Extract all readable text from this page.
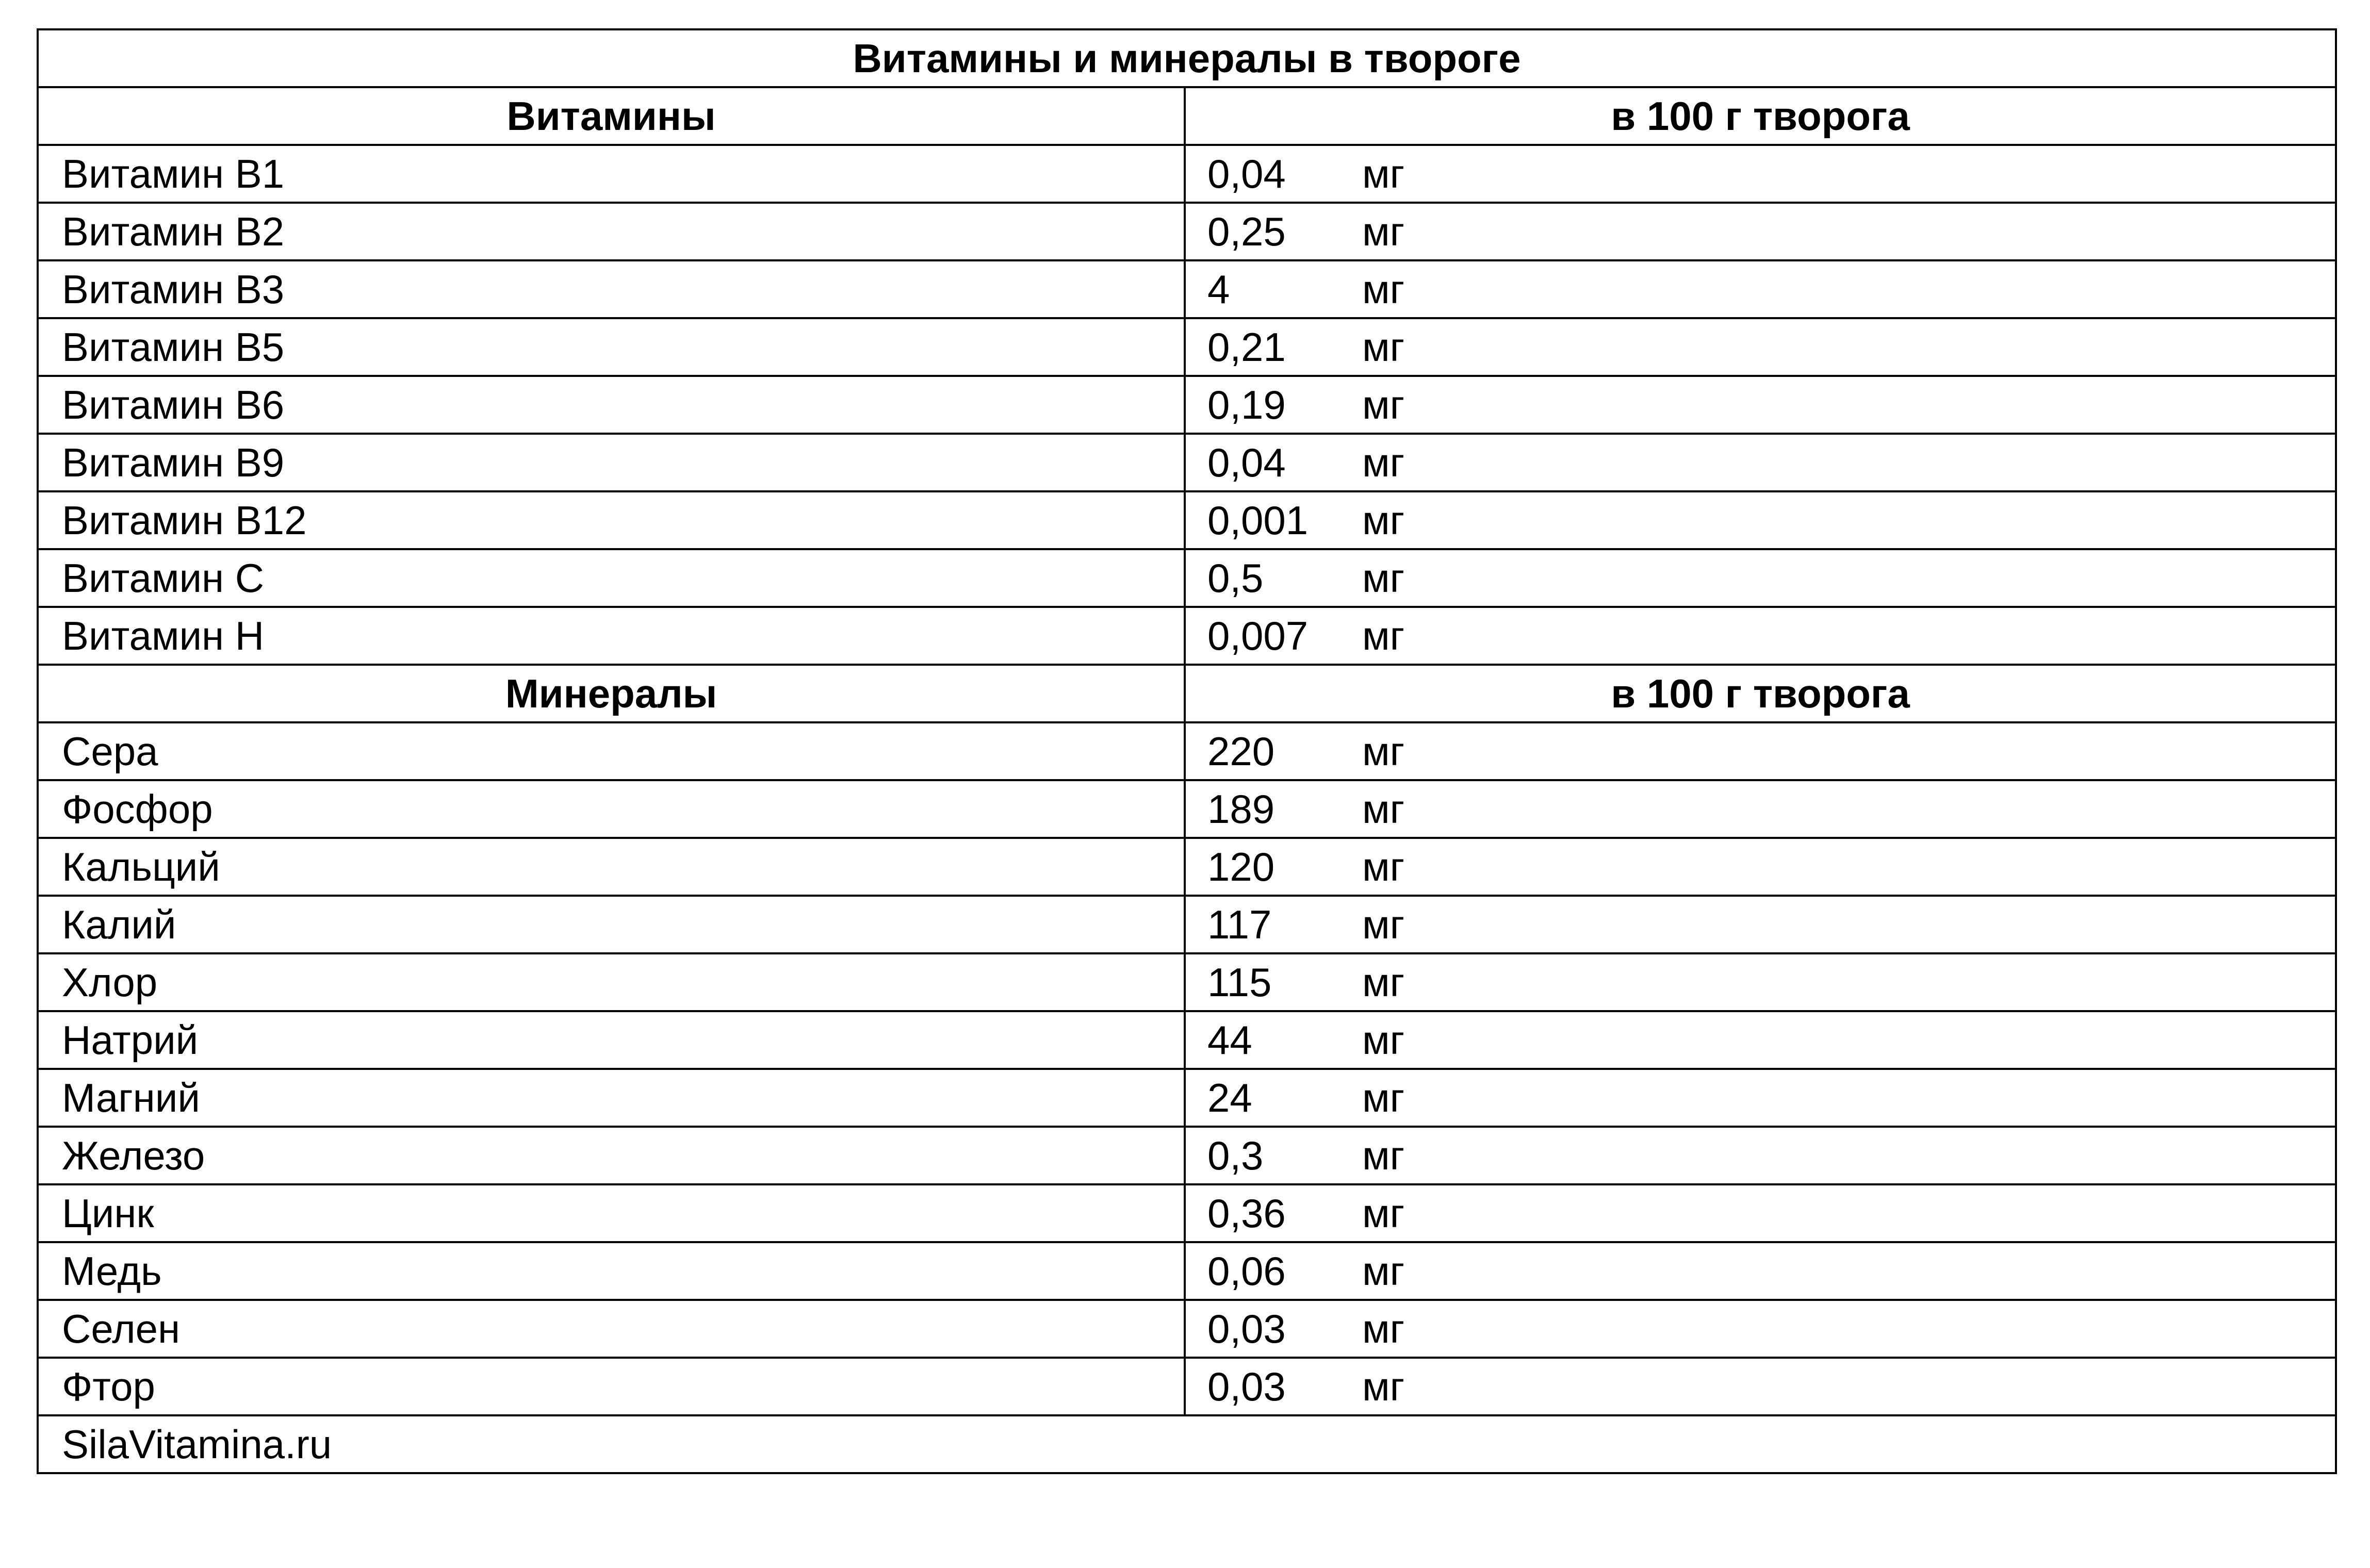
Витамины и минералы в твороге	
Витамины	в 100 г творога
Витамин B1	0,04 мг
Витамин B2	0,25 мг
Витамин B3	4 мг
Витамин B5	0,21 мг
Витамин B6	0,19 мг
Витамин B9	0,04 мг
Витамин B12	0,001 мг
Витамин C	0,5 мг
Витамин H	0,007 мг
Минералы	в 100 г творога
Сера	220 мг
Фосфор	189 мг
Кальций	120 мг
Калий	117 мг
Хлор	115 мг
Натрий	44 мг
Магний	24 мг
Железо	0,3 мг
Цинк	0,36 мг
Медь	0,06 мг
Селен	0,03 мг
Фтор	0,03 мг
SilaVitamina.ru	
